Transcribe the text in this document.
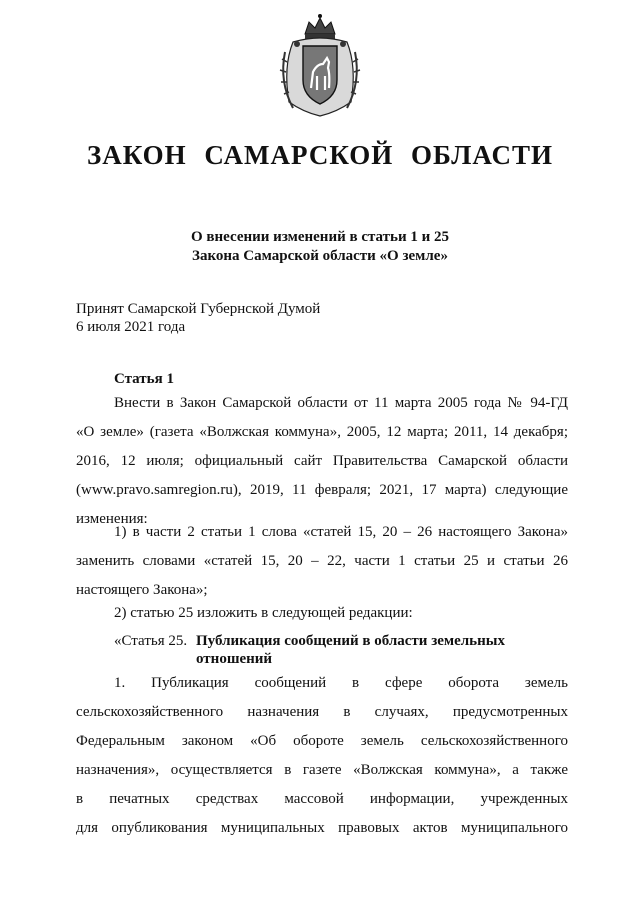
ЗАКОН САМАРСКОЙ ОБЛАСТИ
О внесении изменений в статьи 1 и 25
Закона Самарской области «О земле»
Принят Самарской Губернской Думой
6 июля 2021 года
Статья 1
Внести в Закон Самарской области от 11 марта 2005 года № 94-ГД
«О земле» (газета «Волжская коммуна», 2005, 12 марта; 2011, 14 декабря;
2016, 12 июля; официальный сайт Правительства Самарской области
(www.pravo.samregion.ru), 2019, 11 февраля; 2021, 17 марта) следующие
изменения:
1) в части 2 статьи 1 слова «статей 15, 20 – 26 настоящего Закона»
заменить словами «статей 15, 20 – 22, части 1 статьи 25 и статьи 26
настоящего Закона»;
2) статью 25 изложить в следующей редакции:
«Статья 25. Публикация сообщений в области земельных
отношений
1. Публикация сообщений в сфере оборота земель
сельскохозяйственного назначения в случаях, предусмотренных
Федеральным законом «Об обороте земель сельскохозяйственного
назначения», осуществляется в газете «Волжская коммуна», а также
в печатных средствах массовой информации, учрежденных
для опубликования муниципальных правовых актов муниципального
